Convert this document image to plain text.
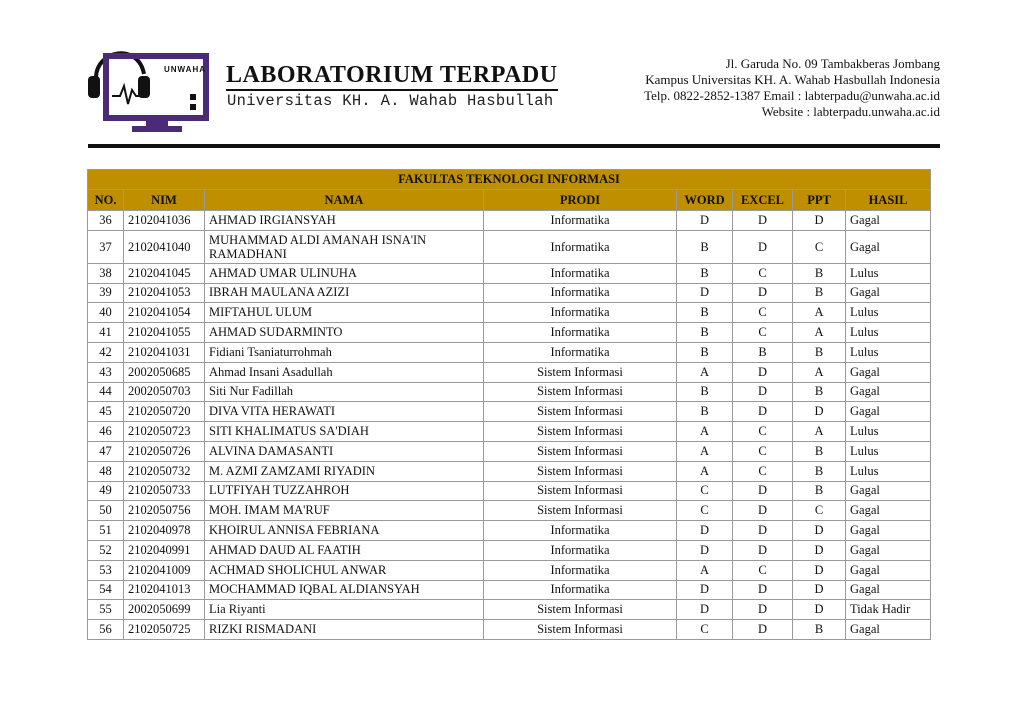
UNWAHA LABORATORIUM TERPADU
Universitas KH. A. Wahab Hasbullah
Jl. Garuda No. 09 Tambakberas Jombang
Kampus Universitas KH. A. Wahab Hasbullah Indonesia
Telp. 0822-2852-1387 Email : labterpadu@unwaha.ac.id
Website : labterpadu.unwaha.ac.id
FAKULTAS TEKNOLOGI INFORMASI							
NO.	NIM	NAMA	PRODI	WORD	EXCEL	PPT	HASIL
36	2102041036	AHMAD IRGIANSYAH	Informatika	D	D	D	Gagal
37	2102041040	MUHAMMAD ALDI AMANAH ISNA'IN RAMADHANI	Informatika	B	D	C	Gagal
38	2102041045	AHMAD UMAR ULINUHA	Informatika	B	C	B	Lulus
39	2102041053	IBRAH MAULANA AZIZI	Informatika	D	D	B	Gagal
40	2102041054	MIFTAHUL ULUM	Informatika	B	C	A	Lulus
41	2102041055	AHMAD SUDARMINTO	Informatika	B	C	A	Lulus
42	2102041031	Fidiani Tsaniaturrohmah	Informatika	B	B	B	Lulus
43	2002050685	Ahmad Insani Asadullah	Sistem Informasi	A	D	A	Gagal
44	2002050703	Siti Nur Fadillah	Sistem Informasi	B	D	B	Gagal
45	2102050720	DIVA VITA HERAWATI	Sistem Informasi	B	D	D	Gagal
46	2102050723	SITI KHALIMATUS SA'DIAH	Sistem Informasi	A	C	A	Lulus
47	2102050726	ALVINA DAMASANTI	Sistem Informasi	A	C	B	Lulus
48	2102050732	M. AZMI ZAMZAMI RIYADIN	Sistem Informasi	A	C	B	Lulus
49	2102050733	LUTFIYAH TUZZAHROH	Sistem Informasi	C	D	B	Gagal
50	2102050756	MOH. IMAM MA'RUF	Sistem Informasi	C	D	C	Gagal
51	2102040978	KHOIRUL ANNISA FEBRIANA	Informatika	D	D	D	Gagal
52	2102040991	AHMAD DAUD AL FAATIH	Informatika	D	D	D	Gagal
53	2102041009	ACHMAD SHOLICHUL ANWAR	Informatika	A	C	D	Gagal
54	2102041013	MOCHAMMAD IQBAL ALDIANSYAH	Informatika	D	D	D	Gagal
55	2002050699	Lia Riyanti	Sistem Informasi	D	D	D	Tidak Hadir
56	2102050725	RIZKI RISMADANI	Sistem Informasi	C	D	B	Gagal
